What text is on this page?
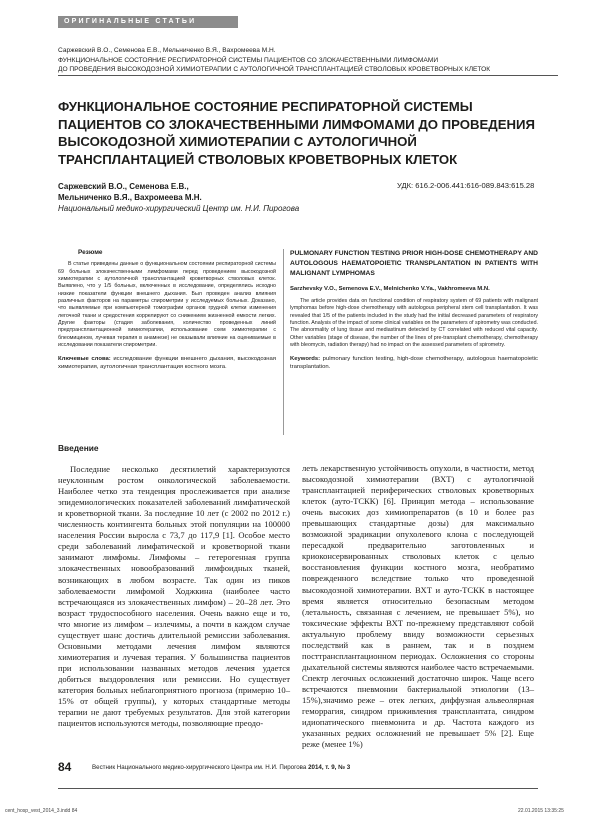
ОРИГИНАЛЬНЫЕ СТАТЬИ
Саржевский В.О., Семенова Е.В., Мельниченко В.Я., Вахромеева М.Н.
ФУНКЦИОНАЛЬНОЕ СОСТОЯНИЕ РЕСПИРАТОРНОЙ СИСТЕМЫ ПАЦИЕНТОВ СО ЗЛОКАЧЕСТВЕННЫМИ ЛИМФОМАМИ
ДО ПРОВЕДЕНИЯ ВЫСОКОДОЗНОЙ ХИМИОТЕРАПИИ С АУТОЛОГИЧНОЙ ТРАНСПЛАНТАЦИЕЙ СТВОЛОВЫХ КРОВЕТВОРНЫХ КЛЕТОК
ФУНКЦИОНАЛЬНОЕ СОСТОЯНИЕ РЕСПИРАТОРНОЙ СИСТЕМЫ ПАЦИЕНТОВ СО ЗЛОКАЧЕСТВЕННЫМИ ЛИМФОМАМИ ДО ПРОВЕДЕНИЯ ВЫСОКОДОЗНОЙ ХИМИОТЕРАПИИ С АУТОЛОГИЧНОЙ ТРАНСПЛАНТАЦИЕЙ СТВОЛОВЫХ КРОВЕТВОРНЫХ КЛЕТОК
Саржевский В.О., Семенова Е.В.,
Мельниченко В.Я., Вахромеева М.Н.
Национальный медико-хирургический Центр им. Н.И. Пирогова
УДК: 616.2-006.441:616-089.843:615.28
Резюме

В статье приведены данные о функциональном состоянии респираторной системы 69 больных злокачественными лимфомами перед проведением высокодозной химиотерапии с аутологичной трансплантацией кроветворных стволовых клеток. Выявлено, что у 1/5 больных, включенных в исследование, определялись исходно низкие показатели функции внешнего дыхания. Был проведен анализ влияния различных факторов на параметры спирометрии у исследуемых больных. Доказано, что выявляемые при компьютерной томографии органов грудной клетки изменения легочной ткани и средостения коррелируют со снижением жизненной емкости легких. Другие факторы (стадия заболевания, количество проведенных линий предтрансплантационной химиотерапии, использование схем химиотерапии с блеомицином, лучевая терапия в анамнезе) не оказывали влияние на оцениваемые в исследовании показатели спирометрии.

Ключевые слова: исследование функции внешнего дыхания, высокодозная химиотерапия, аутологичная трансплантация костного мозга.
PULMONARY FUNCTION TESTING PRIOR HIGH-DOSE CHEMOTHERAPY AND AUTOLOGOUS HAEMATOPOIETIC TRANSPLANTATION IN PATIENTS WITH MALIGNANT LYMPHOMAS
Sarzhevsky V.O., Semenova E.V., Melnichenko V.Ya., Vakhromeeva M.N.

The article provides data on functional condition of respiratory system of 69 patients with malignant lymphomas before high-dose chemotherapy with autologous peripheral stem cell transplantation. It was revealed that 1/5 of the patients included in the study had the initial decreased parameters of respiratory function. Analysis of the impact of some clinical variables on the parameters of spirometry was conducted. The abnormality of lung tissue and mediastinum detected by CT correlated with reduced vital capacity. Other variables (stage of disease, the number of the lines of pre-transplant chemotherapy, chemotherapy with bleomycin, radiation therapy) had no impact on the assessed parameters of spirometry.

Keywords: pulmonary function testing, high-dose chemotherapy, autologous haematopoietic transplantation.
Введение

Последние несколько десятилетий характеризуются неуклонным ростом онкологической заболеваемости. Наиболее четко эта тенденция прослеживается при анализе эпидемиологических показателей заболеваний лимфатической и кроветворной ткани. За последние 10 лет (с 2002 по 2012 г.) численность контингента больных этой популяции на 100000 населения России выросла с 73,7 до 117,9 [1]. Особое место среди заболеваний лимфатической и кроветворной ткани занимают лимфомы. Лимфомы – гетерогенная группа злокачественных новообразований лимфоидных тканей, возникающих в любом возрасте. Так один из пиков заболеваемости лимфомой Ходжкина (наиболее часто встречающаяся из злокачественных лимфом) – 20–28 лет. Это возраст трудоспособного населения. Очень важно еще и то, что многие из лимфом – излечимы, а почти в каждом случае существует шанс достичь длительной ремиссии заболевания. Основными методами лечения лимфом являются химиотерапия и лучевая терапия. У большинства пациентов при использовании названных методов лечения удается добиться выздоровления или ремиссии. Но существует категория больных неблагоприятного прогноза (примерно 10–15% от общей группы), у которых стандартные методы терапии не дают требуемых результатов. Для этой категории пациентов используются методы, позволяющие преодо-

леть лекарственную устойчивость опухоли, в частности, метод высокодозной химиотерапии (ВХТ) с аутологичной трансплантацией периферических стволовых кроветворных клеток (ауто-ТСКК) [6]. Принцип метода – использование очень высоких доз химиопрепаратов (в 10 и более раз превышающих стандартные дозы) для максимально возможной эрадикации опухолевого клона с последующей пересадкой предварительно заготовленных и криоконсервированных стволовых клеток с целью восстановления функции костного мозга, необратимо поврежденного вследствие только что проведенной высокодозной химиотерапии. ВХТ и ауто-ТСКК в настоящее время является относительно безопасным методом (летальность, связанная с лечением, не превышает 5%), но токсические эффекты ВХТ по-прежнему представляют собой актуальную проблему ввиду возможности серьезных последствий как в раннем, так и в позднем посттрансплантационном периодах. Осложнения со стороны дыхательной системы являются наиболее часто встречаемыми. Спектр легочных осложнений достаточно широк. Чаще всего встречаются пневмонии бактериальной этиологии (13–15%),значимо реже – отек легких, диффузная альвеолярная геморрагия, синдром приживления трансплантата, синдром идиопатического пневмонита и др. Частота каждого из указанных редких осложнений не превышает 5% [2]. Еще реже (менее 1%)

84	Вестник Национального медико-хирургического Центра им. Н.И. Пирогова 2014, т. 9, № 3
cent_hosp_vest_2014_3.indd 84	22.01.2015 13:35:25
